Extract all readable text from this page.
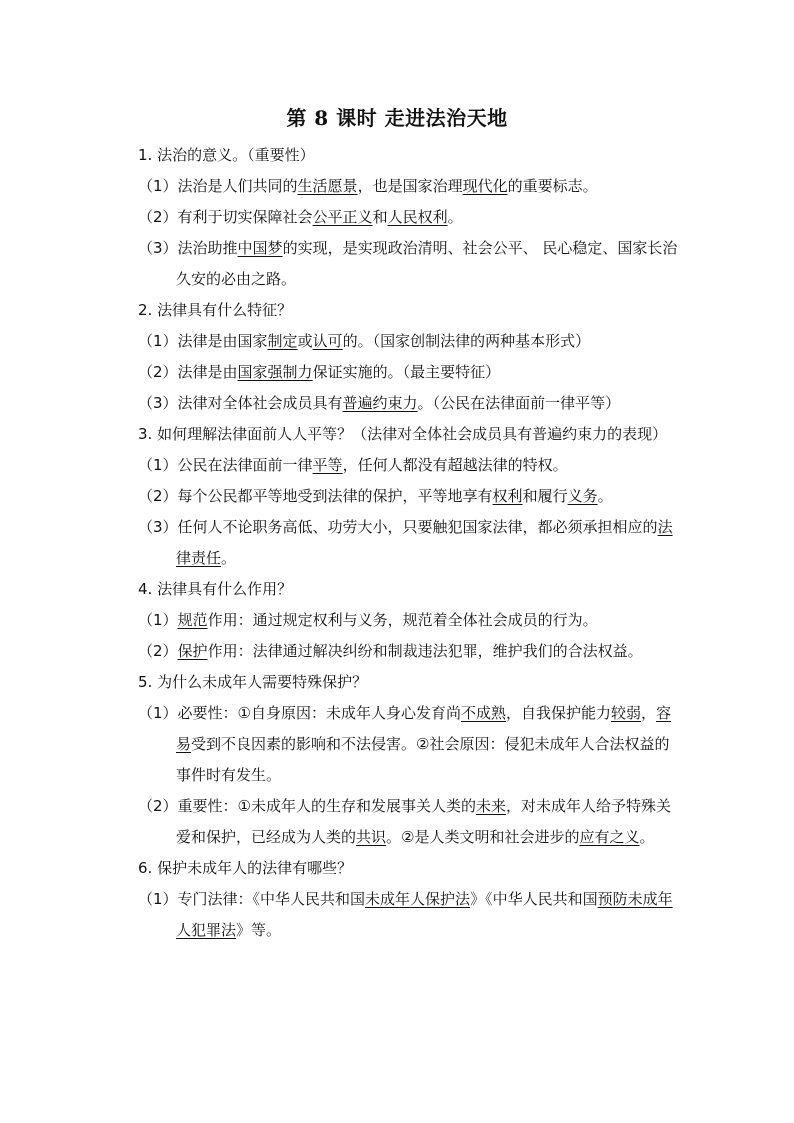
第 8 课时 走进法治天地
1. 法治的意义。（重要性）
（1）法治是人们共同的生活愿景，也是国家治理现代化的重要标志。
（2）有利于切实保障社会公平正义和人民权利。
（3）法治助推中国梦的实现，是实现政治清明、社会公平、 民心稳定、国家长治久安的必由之路。
2. 法律具有什么特征？
（1）法律是由国家制定或认可的。（国家创制法律的两种基本形式）
（2）法律是由国家强制力保证实施的。（最主要特征）
（3）法律对全体社会成员具有普遍约束力。（公民在法律面前一律平等）
3. 如何理解法律面前人人平等？（法律对全体社会成员具有普遍约束力的表现）
（1）公民在法律面前一律平等，任何人都没有超越法律的特权。
（2）每个公民都平等地受到法律的保护，平等地享有权利和履行义务。
（3）任何人不论职务高低、功劳大小，只要触犯国家法律，都必须承担相应的法律责任。
4. 法律具有什么作用？
（1）规范作用：通过规定权利与义务，规范着全体社会成员的行为。
（2）保护作用：法律通过解决纠纷和制裁违法犯罪，维护我们的合法权益。
5. 为什么未成年人需要特殊保护？
（1）必要性：①自身原因：未成年人身心发育尚不成熟，自我保护能力较弱，容易受到不良因素的影响和不法侵害。②社会原因：侵犯未成年人合法权益的事件时有发生。
（2）重要性：①未成年人的生存和发展事关人类的未来，对未成年人给予特殊关爱和保护，已经成为人类的共识。②是人类文明和社会进步的应有之义。
6. 保护未成年人的法律有哪些？
（1）专门法律：《中华人民共和国未成年人保护法》《中华人民共和国预防未成年人犯罪法》等。
